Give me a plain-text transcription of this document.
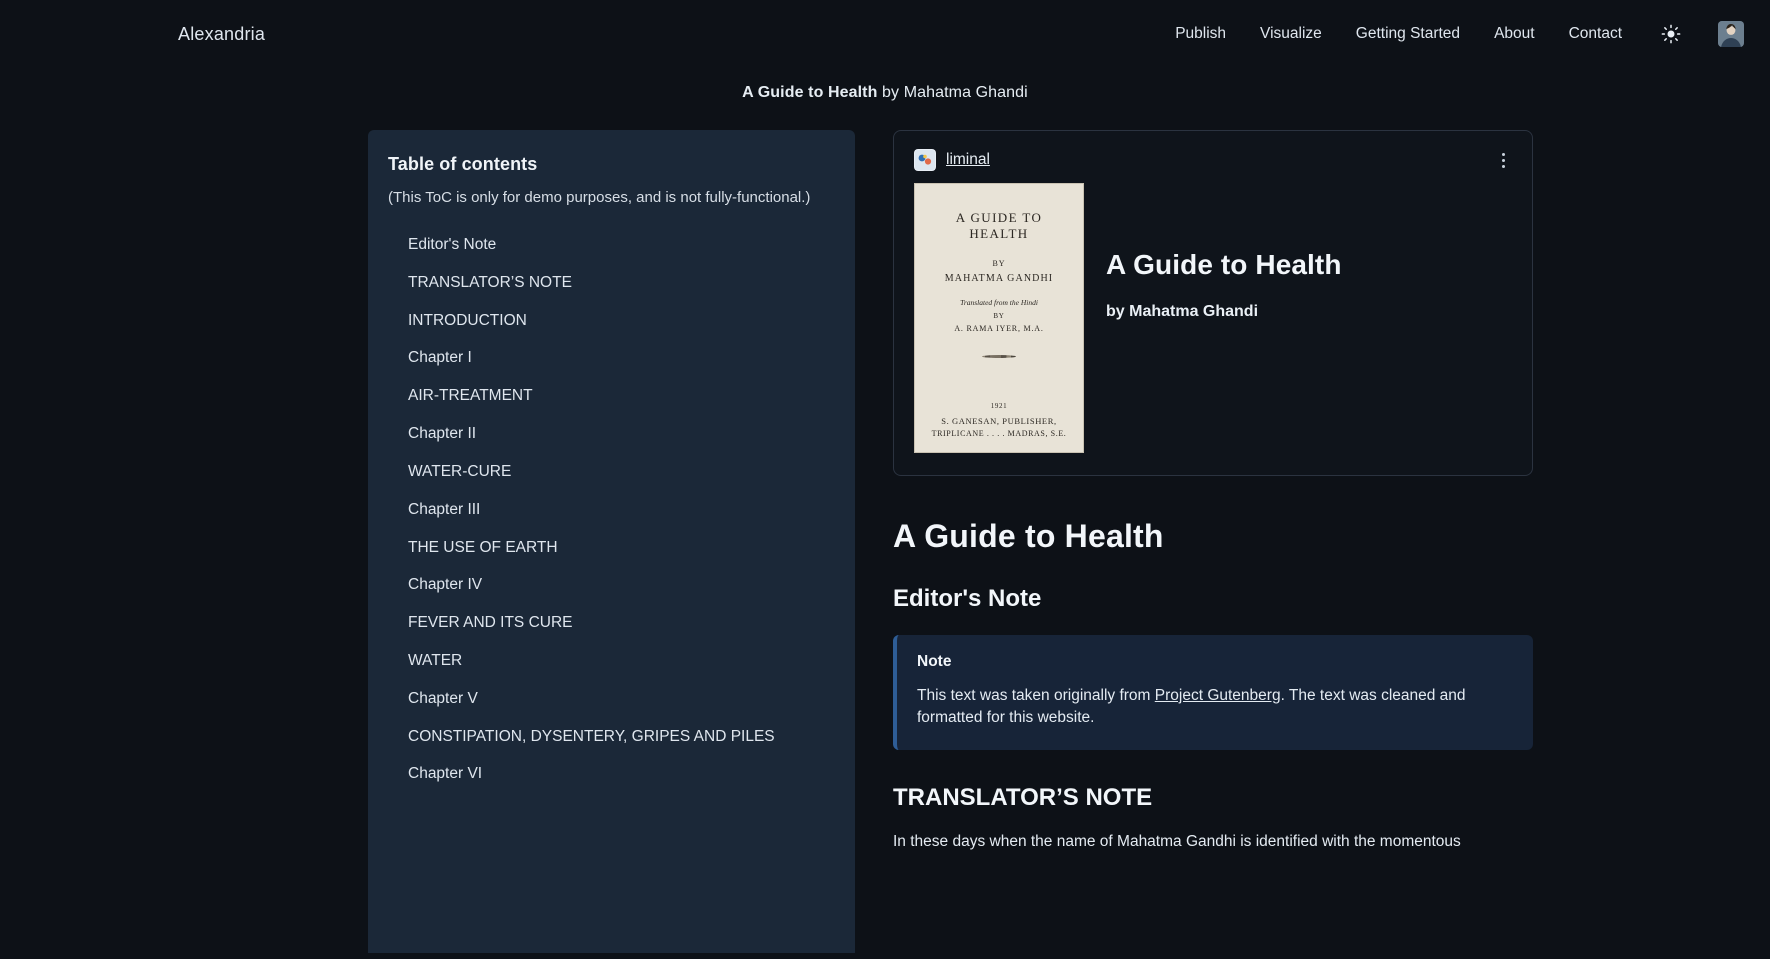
Alexandria	Publish Visualize Getting Started About Contact
A Guide to Health by Mahatma Ghandi
Table of contents
(This ToC is only for demo purposes, and is not fully-functional.)
Editor's Note
TRANSLATOR’S NOTE
INTRODUCTION
Chapter I
AIR-TREATMENT
Chapter II
WATER-CURE
Chapter III
THE USE OF EARTH
Chapter IV
FEVER AND ITS CURE
WATER
Chapter V
CONSTIPATION, DYSENTERY, GRIPES AND PILES
Chapter VI
liminal
A GUIDE TO HEALTH
BY
MAHATMA GANDHI
Translated from the Hindi
BY
A. RAMA IYER, M.A.
1921
S. GANESAN, PUBLISHER,
TRIPLICANE . . . . MADRAS, S.E.
A Guide to Health
by Mahatma Ghandi
A Guide to Health
Editor's Note
Note
This text was taken originally from Project Gutenberg. The text was cleaned and formatted for this website.
TRANSLATOR’S NOTE

In these days when the name of Mahatma Gandhi is identified with the momentous
